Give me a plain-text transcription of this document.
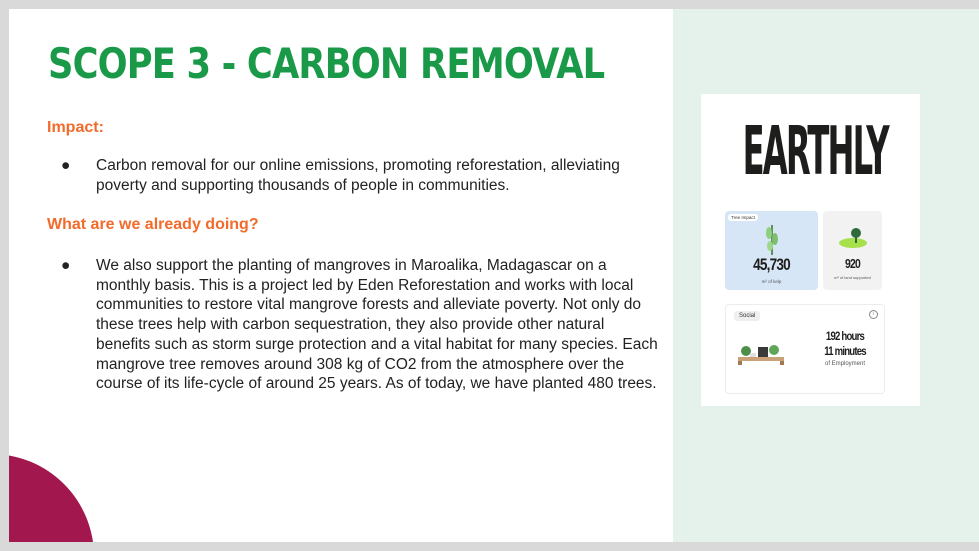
SCOPE 3 - CARBON REMOVAL
Impact:
● Carbon removal for our online emissions, promoting reforestation, alleviating poverty and supporting thousands of people in communities.
What are we already doing?
● We also support the planting of mangroves in Maroalika, Madagascar on a monthly basis. This is a project led by Eden Reforestation and works with local communities to restore vital mangrove forests and alleviate poverty. Not only do these trees help with carbon sequestration, they also provide other natural benefits such as storm surge protection and a vital habitat for many species. Each mangrove tree removes around 308 kg of CO2 from the atmosphere over the course of its life-cycle of around 25 years. As of today, we have planted 480 trees.
EARTHLY
Tree Impact
45,730
m² of kelp
920
m² of land supported
Social	i
192 hours
11 minutes
of Employment
